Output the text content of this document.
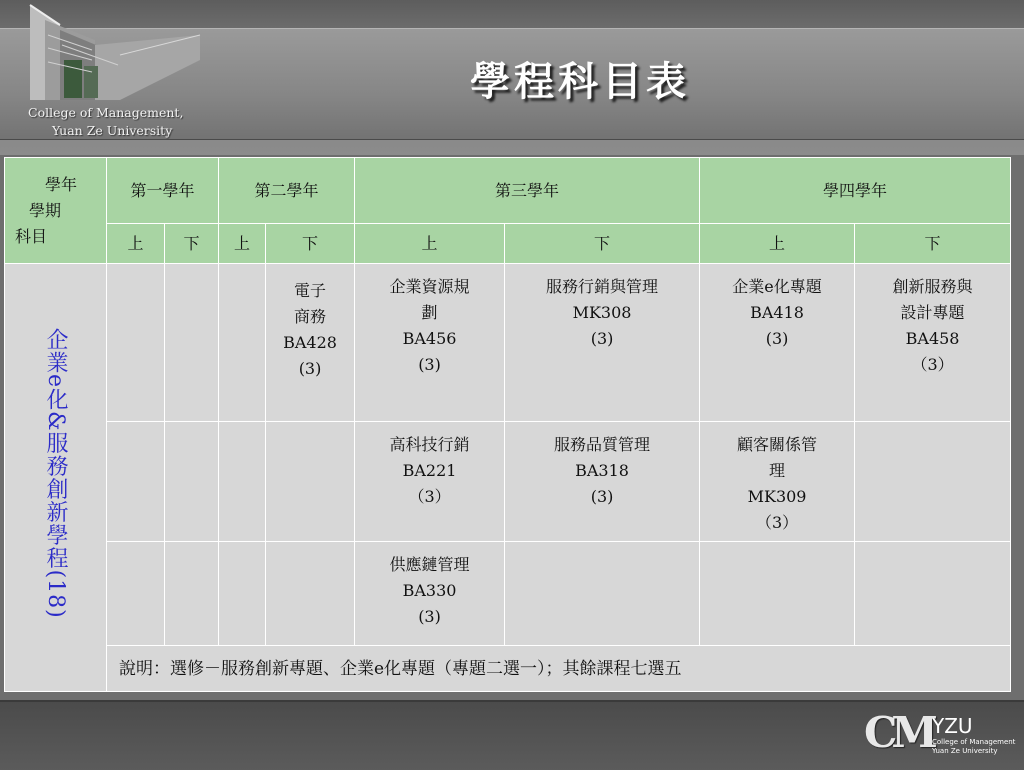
College of Management,
Yuan Ze University
學程科目表
學年
學期
科目	第一學年		第二學年		第三學年		學四學年	
	上	下	上	下	上	下	上	下
企業e化&服務創新學程(18)				電子
商務
BA428
(3)	企業資源規
劃
BA456
(3)	服務行銷與管理
MK308
(3)	企業e化專題
BA418
(3)	創新服務與
設計專題
BA458
（3）

					高科技行銷
BA221
（3）	服務品質管理
BA318
(3)	顧客關係管
理
MK309
（3）	

					供應鏈管理
BA330
(3)			

	說明：選修－服務創新專題、企業e化專題（專題二選一）；其餘課程七選五							
CM YZU
College of Management
Yuan Ze University
